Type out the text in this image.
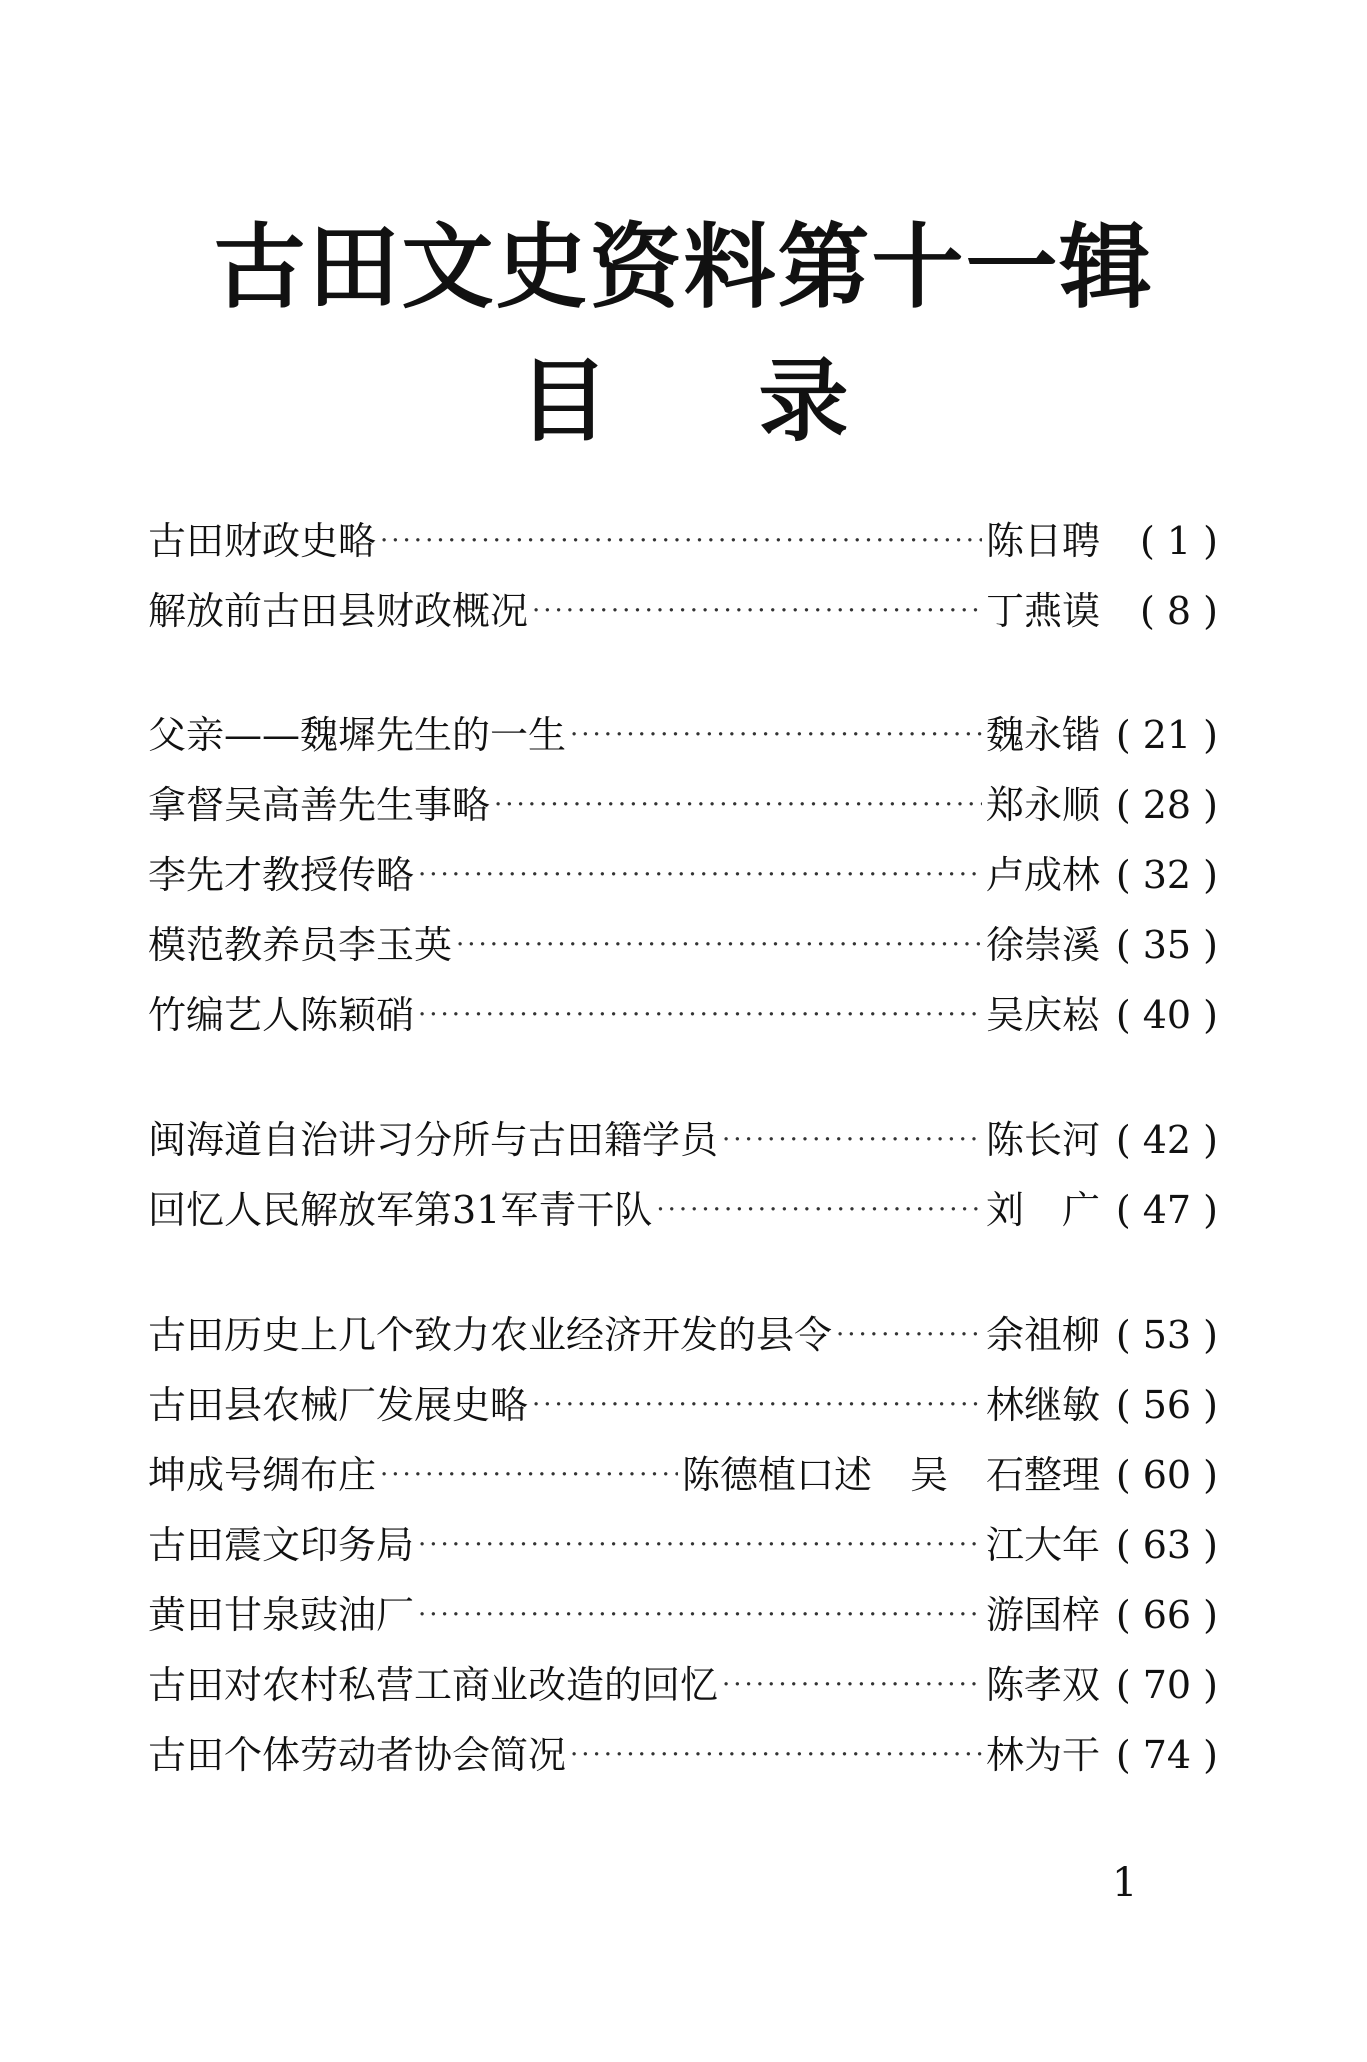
古田文史资料第十一辑
目 录
古田财政史略 ·····	陈日聘	( 1 )
解放前古田县财政概况 ·····	丁燕谟	( 8 )
父亲——魏墀先生的一生 ·····	魏永锴	( 21 )
拿督吴高善先生事略 ·····	郑永顺	( 28 )
李先才教授传略 ·····	卢成林	( 32 )
模范教养员李玉英 ·····	徐崇溪	( 35 )
竹编艺人陈颖硝 ·····	吴庆崧	( 40 )
闽海道自治讲习分所与古田籍学员 ·····	陈长河	( 42 )
回忆人民解放军第31军青干队 ·····	刘　广	( 47 )
古田历史上几个致力农业经济开发的县令 ·····	余祖柳	( 53 )
古田县农械厂发展史略 ·····	林继敏	( 56 )
坤成号绸布庄 ·····	陈德植口述　吴　石整理	( 60 )
古田震文印务局 ·····	江大年	( 63 )
黄田甘泉豉油厂 ·····	游国梓	( 66 )
古田对农村私营工商业改造的回忆 ·····	陈孝双	( 70 )
古田个体劳动者协会简况 ·····	林为干	( 74 )
1
